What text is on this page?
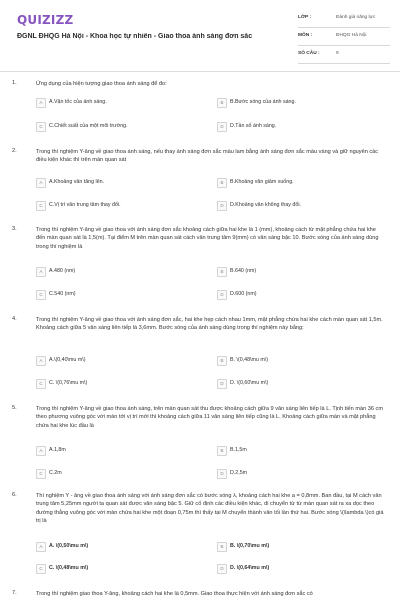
QUIZIZZ
ĐGNL ĐHQG Hà Nội - Khoa học tự nhiên - Giao thoa ánh sáng đơn sắc
LỚP :	Đánh giá năng lực
MÔN :	ĐHQG Hà Nội
SỐ CÂU :	9
1.	Ứng dụng của hiện tượng giao thoa ánh sáng để đo:
A	A.Vận tốc của ánh sáng.	B	B.Bước sóng của ánh sáng.
C	C.Chiết suất của một môi trường.	D	D.Tần số ánh sáng.
2.	Trong thí nghiệm Y-âng về giao thoa ánh sáng, nếu thay ánh sáng đơn sắc màu lam bằng ánh sáng đơn sắc màu vàng và giữ nguyên các điều kiện khác thì trên màn quan sát
A	A.Khoảng vân tăng lên.	B	B.Khoảng vân giảm xuống.
C	C.Vị trí vân trung tâm thay đổi.	D	D.Khoảng vân không thay đổi.
3.	Trong thí nghiệm Y-âng về giao thoa với ánh sáng đơn sắc khoảng cách giữa hai khe là 1 (mm), khoảng cách từ mặt phẳng chứa hai khe đến màn quan sát là 1,5(m). Tại điểm M trên màn quan sát cách vân trung tâm 9(mm) có vân sáng bậc 10. Bước sóng của ánh sáng dùng trong thí nghiệm là
A	A.480 (nm)	B	B.640 (nm)
C	C.540 (nm)	D	D.600 (nm)
4.	Trong thí nghiệm Y-âng về giao thoa với ánh sáng đơn sắc, hai khe hẹp cách nhau 1mm, mặt phẳng chứa hai khe cách màn quan sát 1,5m. Khoảng cách giữa 5 vân sáng liên tiếp là 3,6mm. Bước sóng của ánh sáng dùng trong thí nghiệm này bằng:
A	A.\(0,40\mu m\)	B	B. \(0,48\mu m\)
C	C. \(0,76\mu m\)	D	D. \(0,60\mu m\)
5.	Trong thí nghiệm Y-âng về giao thoa ánh sáng, trên màn quan sát thu được khoảng cách giữa 9 vân sáng liên tiếp là L. Tịnh tiến màn 36 cm theo phương vuông góc với màn tới vị trí mới thì khoảng cách giữa 11 vân sáng liên tiếp cũng là L. Khoảng cách giữa màn và mặt phẳng chứa hai khe lúc đầu là
A	A.1,8m	B	B.1,5m
C	C.2m	D	D.2,5m
6.	Thí nghiệm Y - âng về giao thoa ánh sáng với ánh sáng đơn sắc có bước sóng λ, khoảng cách hai khe a = 0,8mm. Ban đầu, tại M cách vân trung tâm 5,25mm người ta quan sát được vân sáng bậc 5. Giữ cố định các điều kiện khác, di chuyển từ từ màn quan sát ra xa dọc theo đường thẳng vuông góc với màn chứa hai khe một đoạn 0,75m thì thấy tại M chuyển thành vân tối lần thứ hai. Bước sóng \(\lambda \)có giá trị là
A	A. \(0,50\mu m\)	B	B. \(0,70\mu m\)
C	C. \(0,48\mu m\)	D	D. \(0,64\mu m\)
7.	Trong thí nghiệm giao thoa Y-âng, khoảng cách hai khe là 0,5mm. Giao thoa thực hiện với ánh sáng đơn sắc có
